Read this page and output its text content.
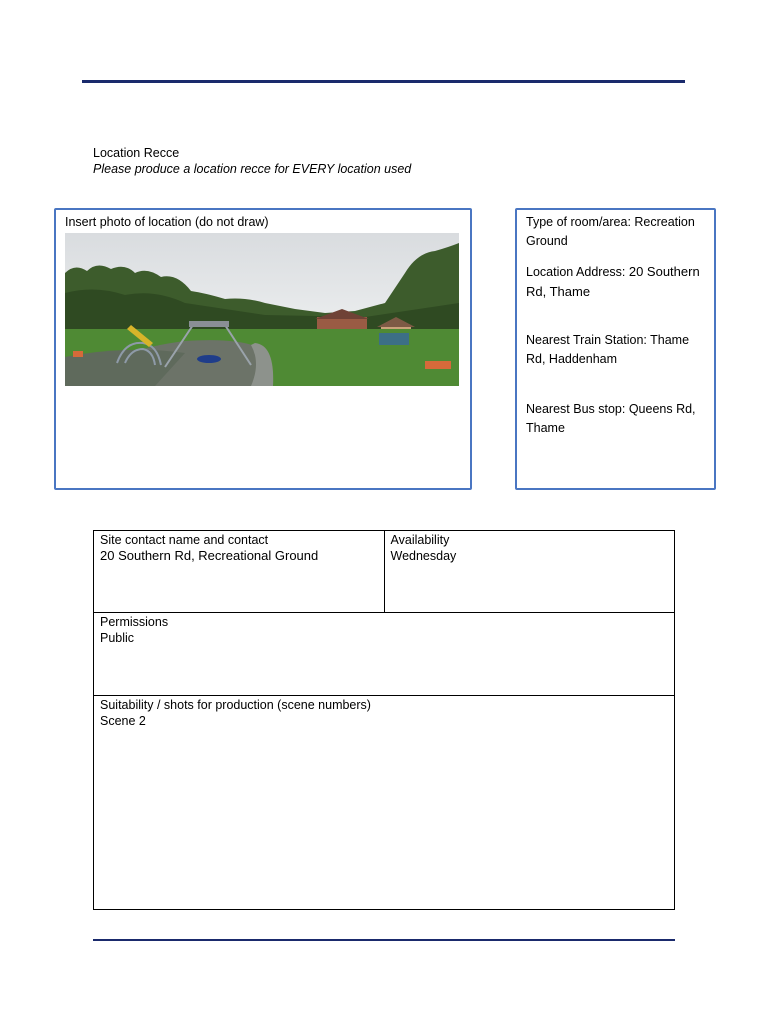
Location Recce
Please produce a location recce for EVERY location used
Insert photo of location (do not draw)	Type of room/area: Recreation Ground

Location Address: 20 Southern Rd, Thame

Nearest Train Station: Thame Rd, Haddenham

Nearest Bus stop: Queens Rd, Thame

Site contact name and contact
20 Southern Rd, Recreational Ground

Availability
Wednesday

Permissions
Public

Suitability / shots for production (scene numbers)
Scene 2
